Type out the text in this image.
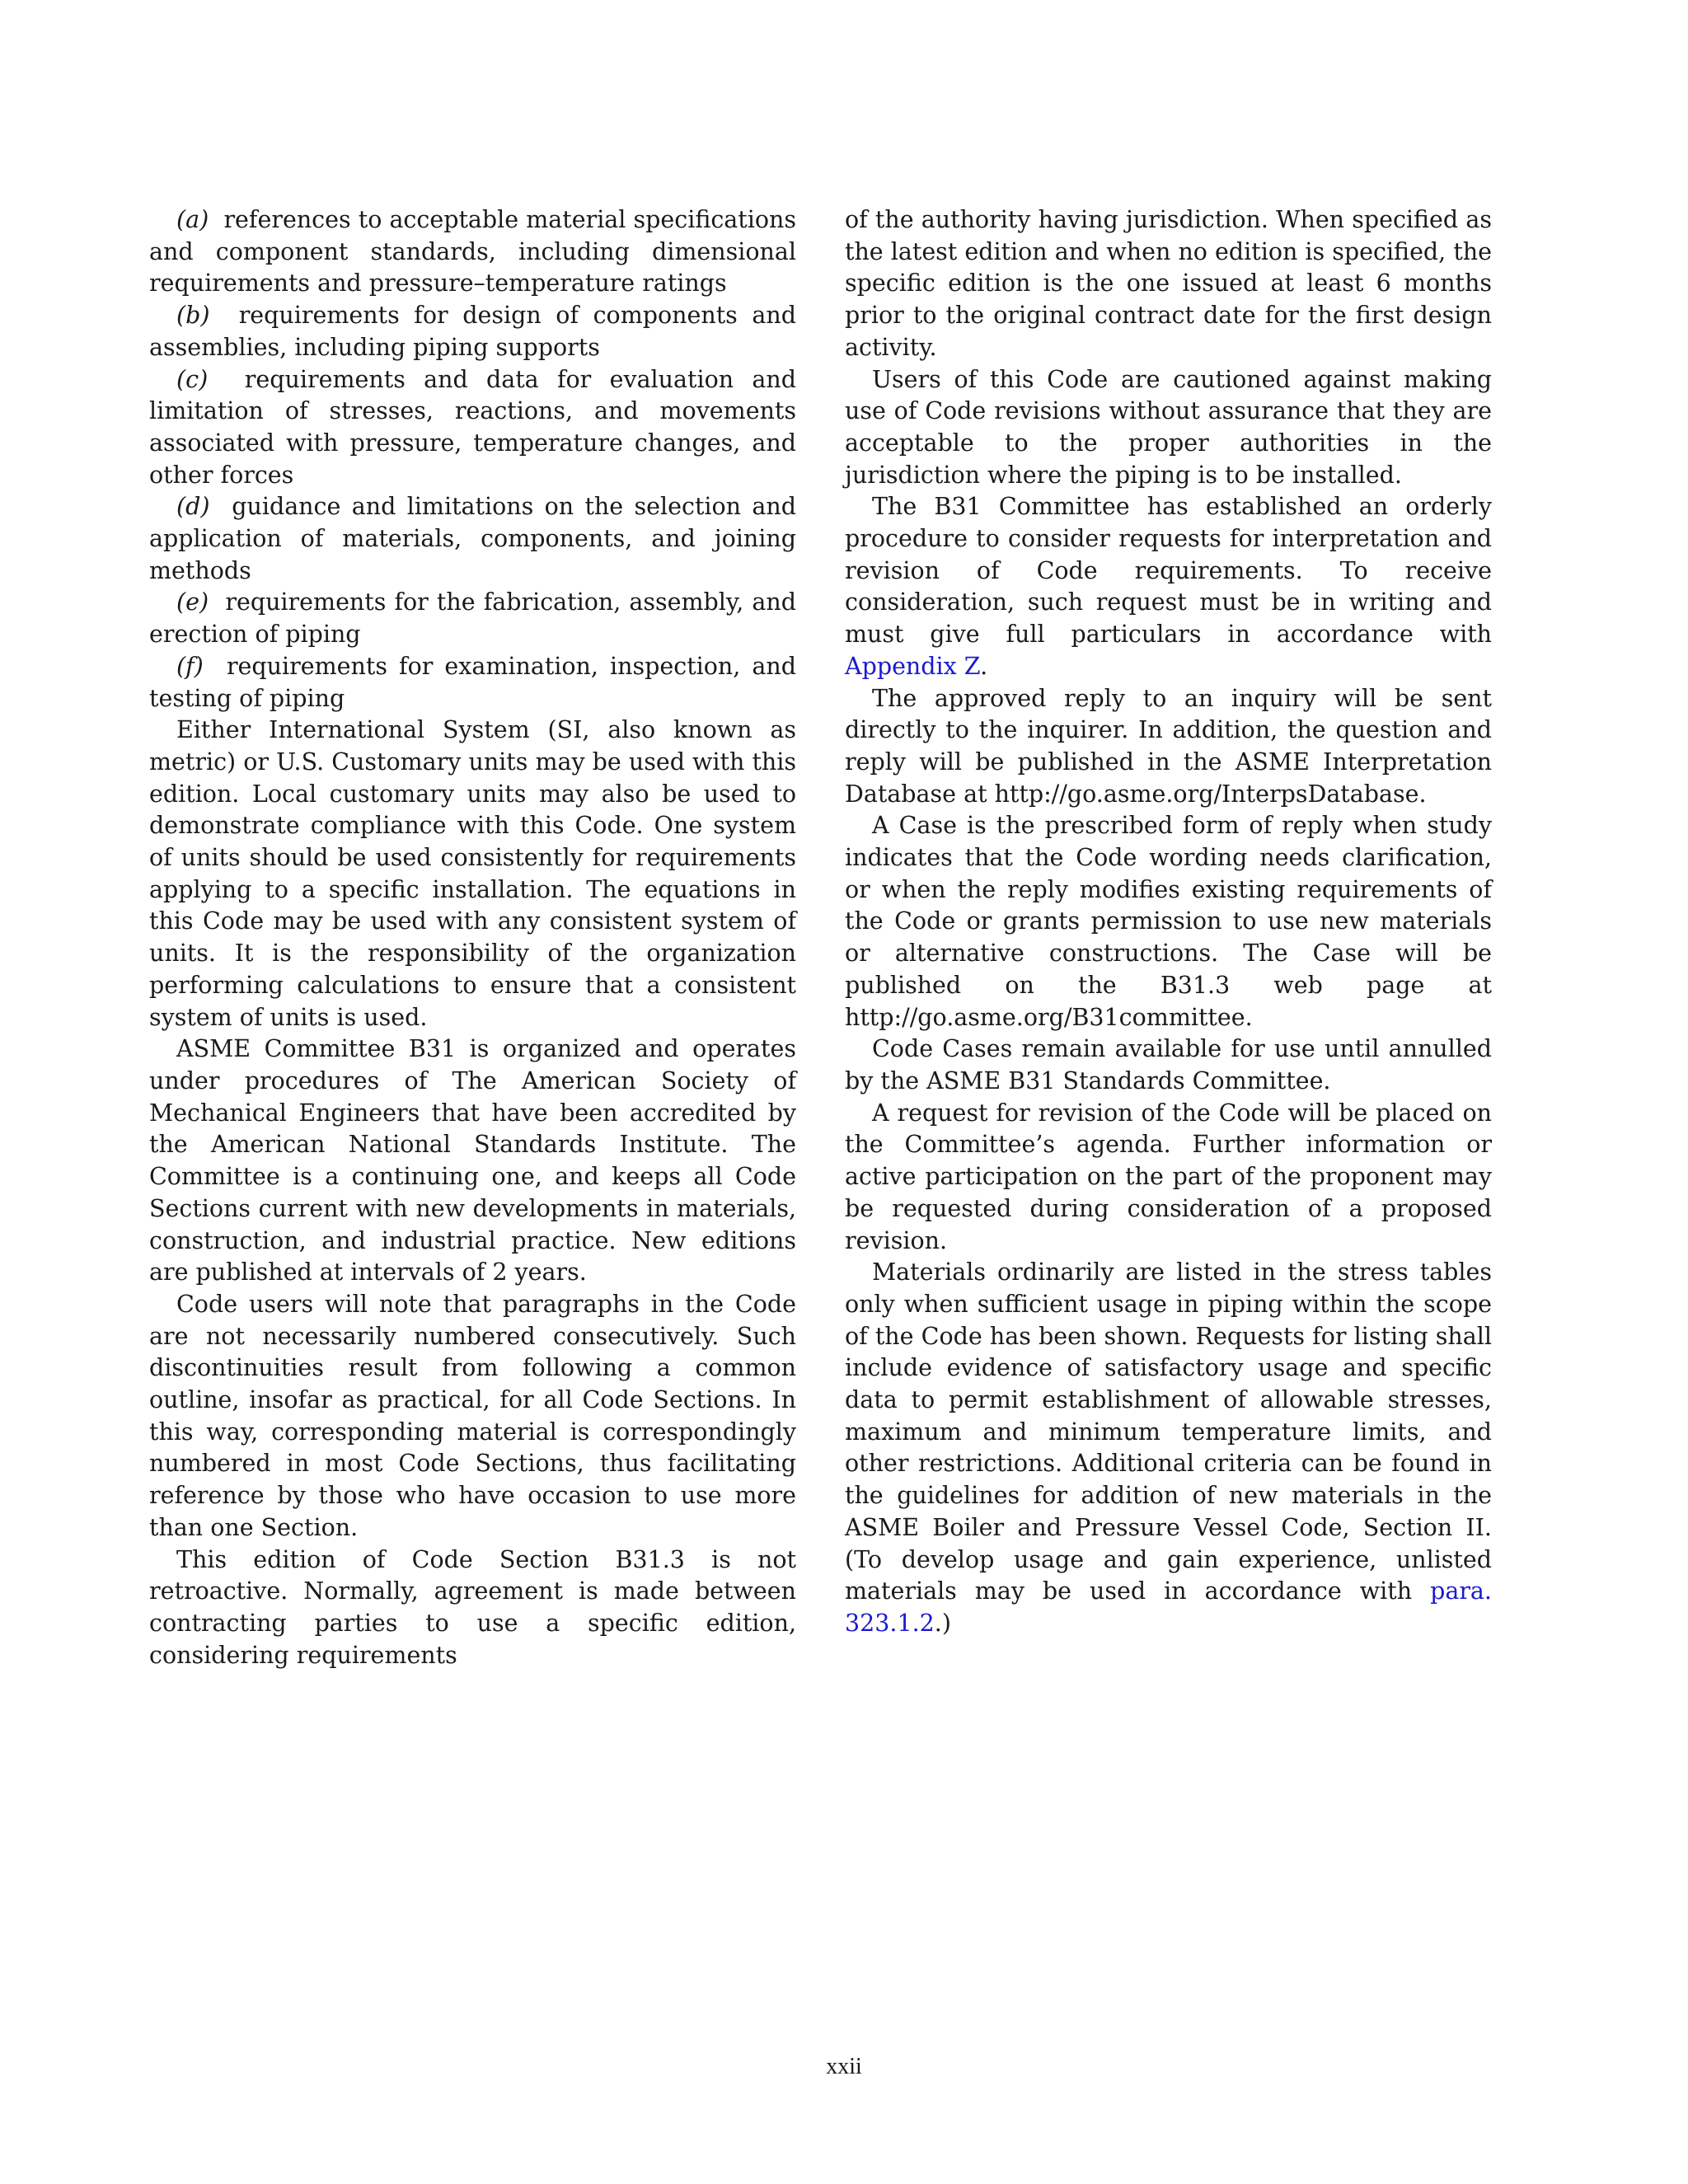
(a) references to acceptable material specifications and component standards, including dimensional requirements and pressure–temperature ratings

(b) requirements for design of components and assemblies, including piping supports

(c) requirements and data for evaluation and limitation of stresses, reactions, and movements associated with pressure, temperature changes, and other forces

(d) guidance and limitations on the selection and application of materials, components, and joining methods

(e) requirements for the fabrication, assembly, and erection of piping

(f) requirements for examination, inspection, and testing of piping

Either International System (SI, also known as metric) or U.S. Customary units may be used with this edition. Local customary units may also be used to demonstrate compliance with this Code. One system of units should be used consistently for requirements applying to a specific installation. The equations in this Code may be used with any consistent system of units. It is the responsibility of the organization performing calculations to ensure that a consistent system of units is used.

ASME Committee B31 is organized and operates under procedures of The American Society of Mechanical Engineers that have been accredited by the American National Standards Institute. The Committee is a continuing one, and keeps all Code Sections current with new developments in materials, construction, and industrial practice. New editions are published at intervals of 2 years.

Code users will note that paragraphs in the Code are not necessarily numbered consecutively. Such discontinuities result from following a common outline, insofar as practical, for all Code Sections. In this way, corresponding material is correspondingly numbered in most Code Sections, thus facilitating reference by those who have occasion to use more than one Section.

This edition of Code Section B31.3 is not retroactive. Normally, agreement is made between contracting parties to use a specific edition, considering requirements

of the authority having jurisdiction. When specified as the latest edition and when no edition is specified, the specific edition is the one issued at least 6 months prior to the original contract date for the first design activity.

Users of this Code are cautioned against making use of Code revisions without assurance that they are acceptable to the proper authorities in the jurisdiction where the piping is to be installed.

The B31 Committee has established an orderly procedure to consider requests for interpretation and revision of Code requirements. To receive consideration, such request must be in writing and must give full particulars in accordance with Appendix Z.

The approved reply to an inquiry will be sent directly to the inquirer. In addition, the question and reply will be published in the ASME Interpretation Database at http://go.asme.org/InterpsDatabase.

A Case is the prescribed form of reply when study indicates that the Code wording needs clarification, or when the reply modifies existing requirements of the Code or grants permission to use new materials or alternative constructions. The Case will be published on the B31.3 web page at http://go.asme.org/B31committee.

Code Cases remain available for use until annulled by the ASME B31 Standards Committee.

A request for revision of the Code will be placed on the Committee’s agenda. Further information or active participation on the part of the proponent may be requested during consideration of a proposed revision.

Materials ordinarily are listed in the stress tables only when sufficient usage in piping within the scope of the Code has been shown. Requests for listing shall include evidence of satisfactory usage and specific data to permit establishment of allowable stresses, maximum and minimum temperature limits, and other restrictions. Additional criteria can be found in the guidelines for addition of new materials in the ASME Boiler and Pressure Vessel Code, Section II. (To develop usage and gain experience, unlisted materials may be used in accordance with para. 323.1.2.)

xxii
